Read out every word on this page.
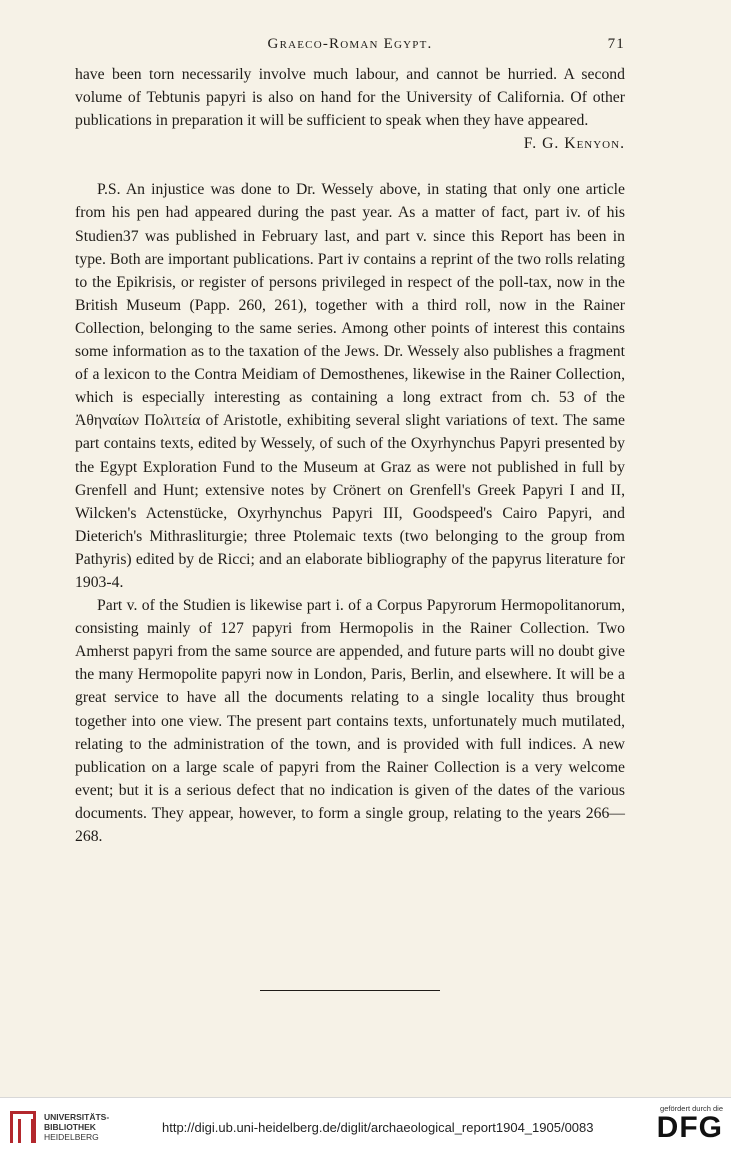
Graeco-Roman Egypt.	71

have been torn necessarily involve much labour, and cannot be hurried. A second volume of Tebtunis papyri is also on hand for the University of California. Of other publications in preparation it will be sufficient to speak when they have appeared.

F. G. Kenyon.

P.S. An injustice was done to Dr. Wessely above, in stating that only one article from his pen had appeared during the past year. As a matter of fact, part iv. of his Studien37 was published in February last, and part v. since this Report has been in type. Both are important publications. Part iv contains a reprint of the two rolls relating to the Epikrisis, or register of persons privileged in respect of the poll-tax, now in the British Museum (Papp. 260, 261), together with a third roll, now in the Rainer Collection, belonging to the same series. Among other points of interest this contains some information as to the taxation of the Jews. Dr. Wessely also publishes a fragment of a lexicon to the Contra Meidiam of Demosthenes, likewise in the Rainer Collection, which is especially interesting as containing a long extract from ch. 53 of the Ἀθηναίων Πολιτεία of Aristotle, exhibiting several slight variations of text. The same part contains texts, edited by Wessely, of such of the Oxyrhynchus Papyri presented by the Egypt Exploration Fund to the Museum at Graz as were not published in full by Grenfell and Hunt; extensive notes by Crönert on Grenfell's Greek Papyri I and II, Wilcken's Actenstücke, Oxyrhynchus Papyri III, Goodspeed's Cairo Papyri, and Dieterich's Mithrasliturgie; three Ptolemaic texts (two belonging to the group from Pathyris) edited by de Ricci; and an elaborate bibliography of the papyrus literature for 1903-4.

Part v. of the Studien is likewise part i. of a Corpus Papyrorum Hermopolitanorum, consisting mainly of 127 papyri from Hermopolis in the Rainer Collection. Two Amherst papyri from the same source are appended, and future parts will no doubt give the many Hermopolite papyri now in London, Paris, Berlin, and elsewhere. It will be a great service to have all the documents relating to a single locality thus brought together into one view. The present part contains texts, unfortunately much mutilated, relating to the administration of the town, and is provided with full indices. A new publication on a large scale of papyri from the Rainer Collection is a very welcome event; but it is a serious defect that no indication is given of the dates of the various documents. They appear, however, to form a single group, relating to the years 266—268.

UNIVERSITÄTS-
BIBLIOTHEK
HEIDELBERG
http://digi.ub.uni-heidelberg.de/diglit/archaeological_report1904_1905/0083
gefördert durch die
DFG
